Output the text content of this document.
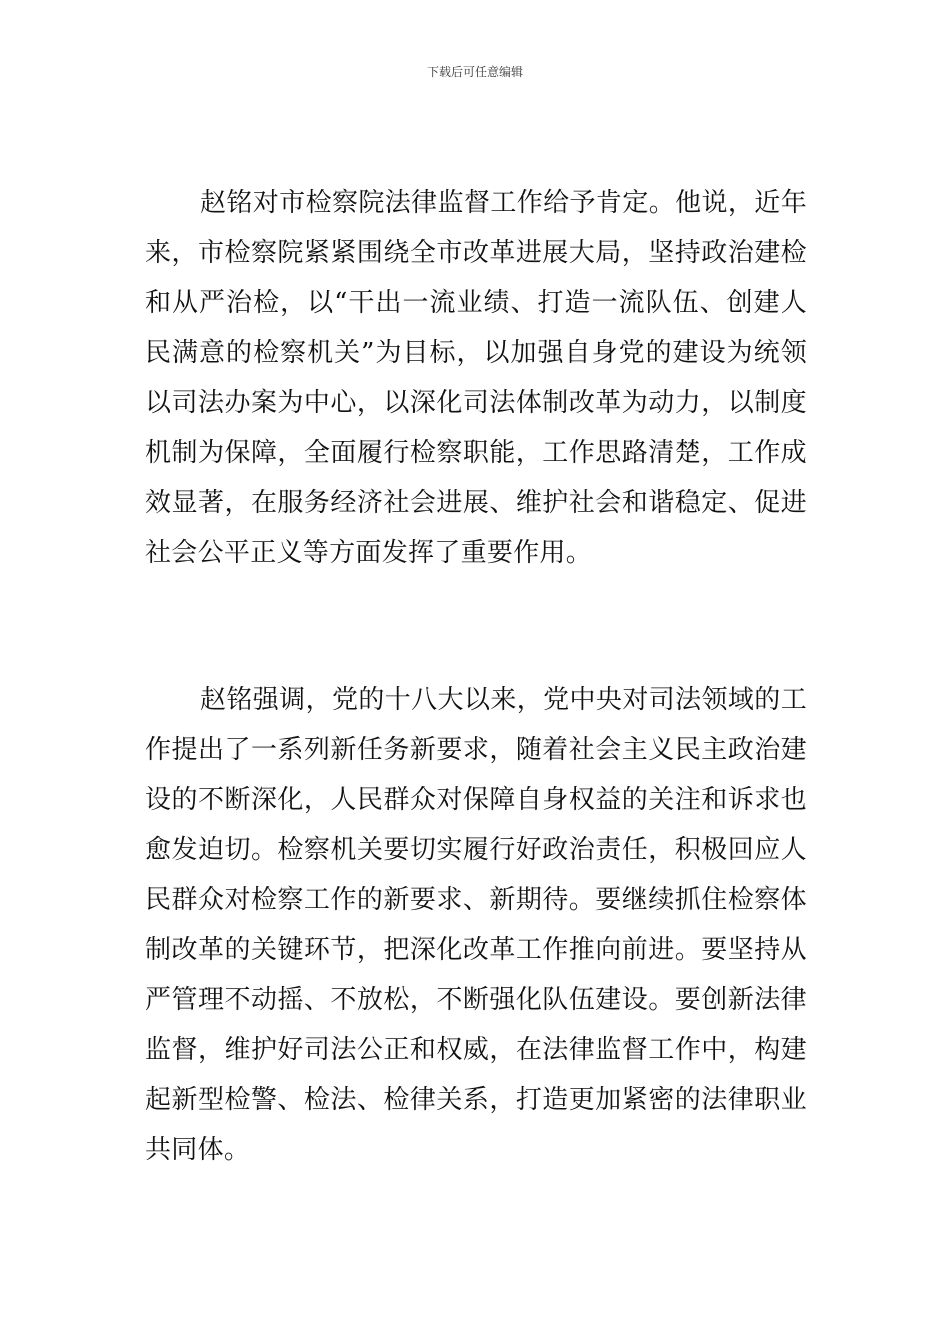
下载后可任意编辑

赵铭对市检察院法律监督工作给予肯定。他说，近年来，市检察院紧紧围绕全市改革进展大局，坚持政治建检和从严治检，以“干出一流业绩、打造一流队伍、创建人民满意的检察机关”为目标，以加强自身党的建设为统领以司法办案为中心，以深化司法体制改革为动力，以制度机制为保障，全面履行检察职能，工作思路清楚，工作成效显著，在服务经济社会进展、维护社会和谐稳定、促进社会公平正义等方面发挥了重要作用。

赵铭强调，党的十八大以来，党中央对司法领域的工作提出了一系列新任务新要求，随着社会主义民主政治建设的不断深化，人民群众对保障自身权益的关注和诉求也愈发迫切。检察机关要切实履行好政治责任，积极回应人民群众对检察工作的新要求、新期待。要继续抓住检察体制改革的关键环节，把深化改革工作推向前进。要坚持从严管理不动摇、不放松，不断强化队伍建设。要创新法律监督，维护好司法公正和权威，在法律监督工作中，构建起新型检警、检法、检律关系，打造更加紧密的法律职业共同体。
